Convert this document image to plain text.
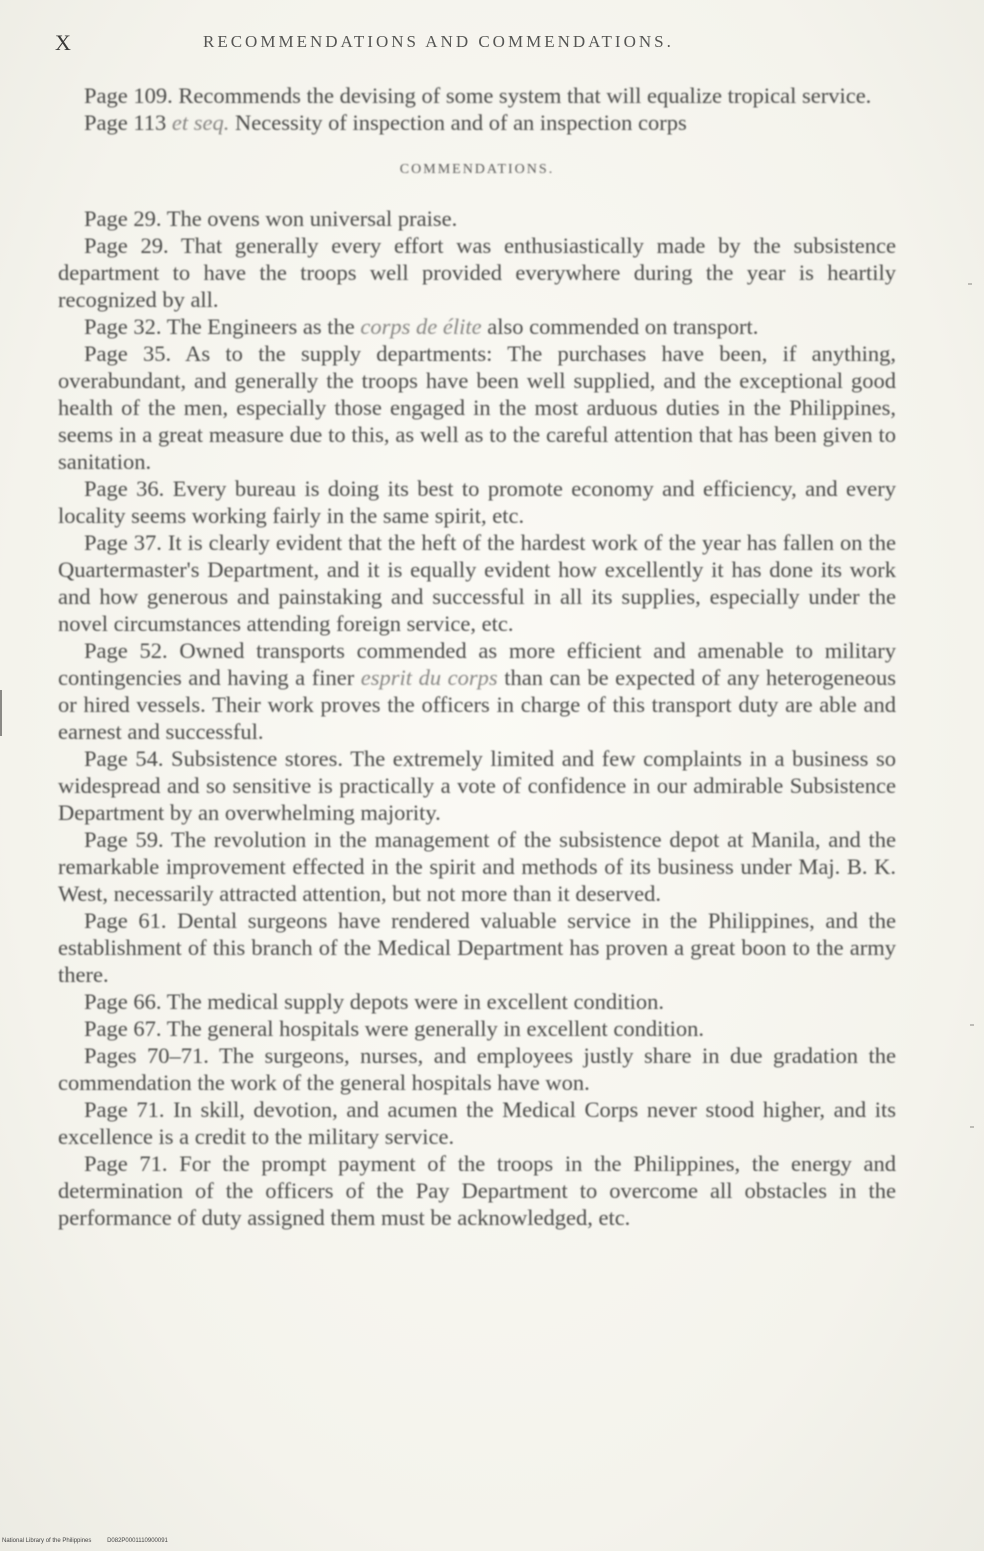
X	RECOMMENDATIONS AND COMMENDATIONS.

Page 109. Recommends the devising of some system that will equalize tropical service.

Page 113 et seq. Necessity of inspection and of an inspection corps

COMMENDATIONS.

Page 29. The ovens won universal praise.

Page 29. That generally every effort was enthusiastically made by the subsistence department to have the troops well provided everywhere during the year is heartily recognized by all.

Page 32. The Engineers as the corps de élite also commended on transport.

Page 35. As to the supply departments: The purchases have been, if anything, overabundant, and generally the troops have been well supplied, and the exceptional good health of the men, especially those engaged in the most arduous duties in the Philippines, seems in a great measure due to this, as well as to the careful attention that has been given to sanitation.

Page 36. Every bureau is doing its best to promote economy and efficiency, and every locality seems working fairly in the same spirit, etc.

Page 37. It is clearly evident that the heft of the hardest work of the year has fallen on the Quartermaster's Department, and it is equally evident how excellently it has done its work and how generous and painstaking and successful in all its supplies, especially under the novel circumstances attending foreign service, etc.

Page 52. Owned transports commended as more efficient and amenable to military contingencies and having a finer esprit du corps than can be expected of any heterogeneous or hired vessels. Their work proves the officers in charge of this transport duty are able and earnest and successful.

Page 54. Subsistence stores. The extremely limited and few complaints in a business so widespread and so sensitive is practically a vote of confidence in our admirable Subsistence Department by an overwhelming majority.

Page 59. The revolution in the management of the subsistence depot at Manila, and the remarkable improvement effected in the spirit and methods of its business under Maj. B. K. West, necessarily attracted attention, but not more than it deserved.

Page 61. Dental surgeons have rendered valuable service in the Philippines, and the establishment of this branch of the Medical Department has proven a great boon to the army there.

Page 66. The medical supply depots were in excellent condition.

Page 67. The general hospitals were generally in excellent condition.

Pages 70–71. The surgeons, nurses, and employees justly share in due gradation the commendation the work of the general hospitals have won.

Page 71. In skill, devotion, and acumen the Medical Corps never stood higher, and its excellence is a credit to the military service.

Page 71. For the prompt payment of the troops in the Philippines, the energy and determination of the officers of the Pay Department to overcome all obstacles in the performance of duty assigned them must be acknowledged, etc.

National Library of the Philippines	D082P0001110900091
